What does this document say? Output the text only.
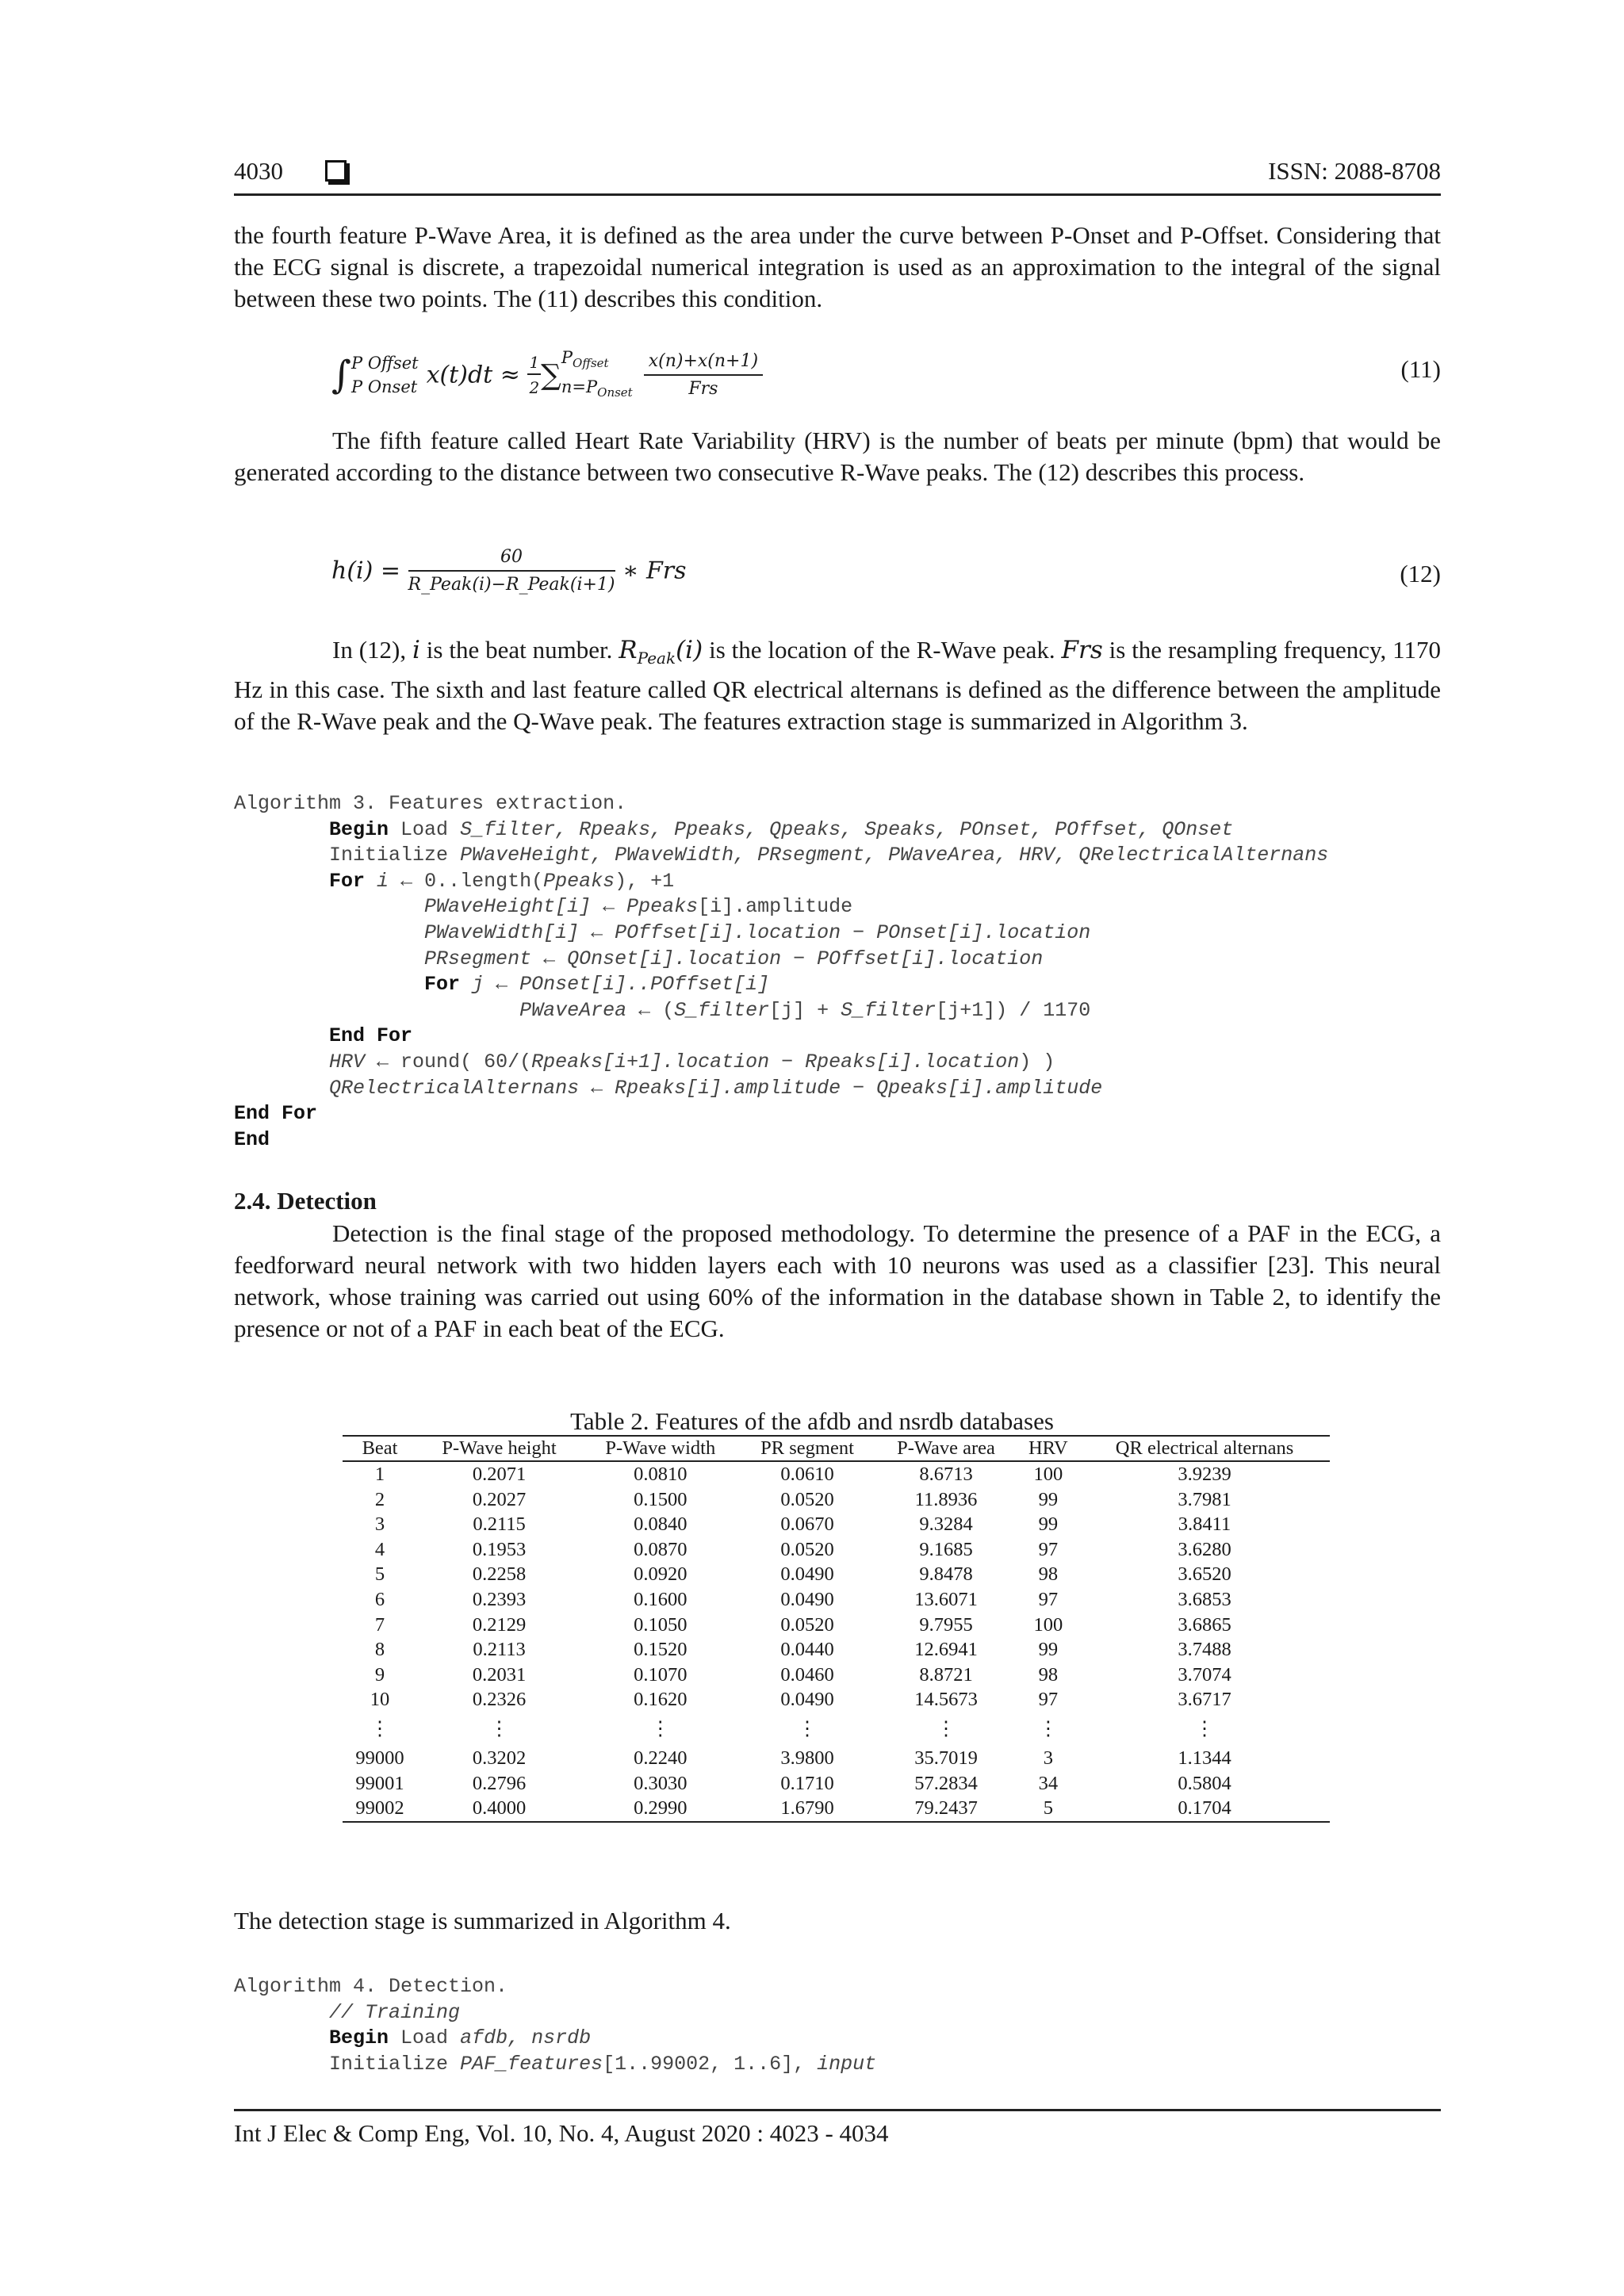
4030	ISSN: 2088-8708

the fourth feature P-Wave Area, it is defined as the area under the curve between P-Onset and P-Offset. Considering that the ECG signal is discrete, a trapezoidal numerical integration is used as an approximation to the integral of the signal between these two points. The (11) describes this condition.

∫ P Offset
P Onset $x(t)dt \approx \frac{1}{2}$ ∑
$P_{Offset}$
$n=P_{Onset} \frac{x(n)+x(n+1)}{\text{Frs}}$	(11)

The fifth feature called Heart Rate Variability (HRV) is the number of beats per minute (bpm) that would be generated according to the distance between two consecutive R-Wave peaks. The (12) describes this process.

$h(i) = \frac{60}{\text{R\_Peak(i)−R\_Peak(i+1)}}$ ∗ Frs	(12)

In (12), i is the beat number. $R_{Peak}(i)$ is the location of the R-Wave peak. Frs is the resampling frequency, 1170 Hz in this case. The sixth and last feature called QR electrical alternans is defined as the difference between the amplitude of the R-Wave peak and the Q-Wave peak. The features extraction stage is summarized in Algorithm 3.

Algorithm 3. Features extraction.
Begin Load S_filter, Rpeaks, Ppeaks, Qpeaks, Speaks, POnset, POffset, QOnset
Initialize PWaveHeight, PWaveWidth, PRsegment, PWaveArea, HRV, QRelectricalAlternans
For i ← 0..length(Ppeaks), +1
PWaveHeight[i] ← Ppeaks[i].amplitude
PWaveWidth[i] ← POffset[i].location − POnset[i].location
PRsegment ← QOnset[i].location − POffset[i].location
For j ← POnset[i]..POffset[i]
PWaveArea ← (S_filter[j] + S_filter[j+1]) / 1170
End For
HRV ← round( 60/(Rpeaks[i+1].location − Rpeaks[i].location) )
QRelectricalAlternans ← Rpeaks[i].amplitude − Qpeaks[i].amplitude
End For
End
2.4. Detection

Detection is the final stage of the proposed methodology. To determine the presence of a PAF in the ECG, a feedforward neural network with two hidden layers each with 10 neurons was used as a classifier [23]. This neural network, whose training was carried out using 60% of the information in the database shown in Table 2, to identify the presence or not of a PAF in each beat of the ECG.

Table 2. Features of the afdb and nsrdb databases
Beat	P-Wave height	P-Wave width	PR segment	P-Wave area	HRV	QR electrical alternans
1	0.2071	0.0810	0.0610	8.6713	100	3.9239
2	0.2027	0.1500	0.0520	11.8936	99	3.7981
3	0.2115	0.0840	0.0670	9.3284	99	3.8411
4	0.1953	0.0870	0.0520	9.1685	97	3.6280
5	0.2258	0.0920	0.0490	9.8478	98	3.6520
6	0.2393	0.1600	0.0490	13.6071	97	3.6853
7	0.2129	0.1050	0.0520	9.7955	100	3.6865
8	0.2113	0.1520	0.0440	12.6941	99	3.7488
9	0.2031	0.1070	0.0460	8.8721	98	3.7074
10	0.2326	0.1620	0.0490	14.5673	97	3.6717
⋮	⋮	⋮	⋮	⋮	⋮	⋮
99000	0.3202	0.2240	3.9800	35.7019	3	1.1344
99001	0.2796	0.3030	0.1710	57.2834	34	0.5804
99002	0.4000	0.2990	1.6790	79.2437	5	0.1704

The detection stage is summarized in Algorithm 4.

Algorithm 4. Detection.
// Training
Begin Load afdb, nsrdb
Initialize PAF_features[1..99002, 1..6], input
Int J Elec & Comp Eng, Vol. 10, No. 4, August 2020 : 4023 - 4034
